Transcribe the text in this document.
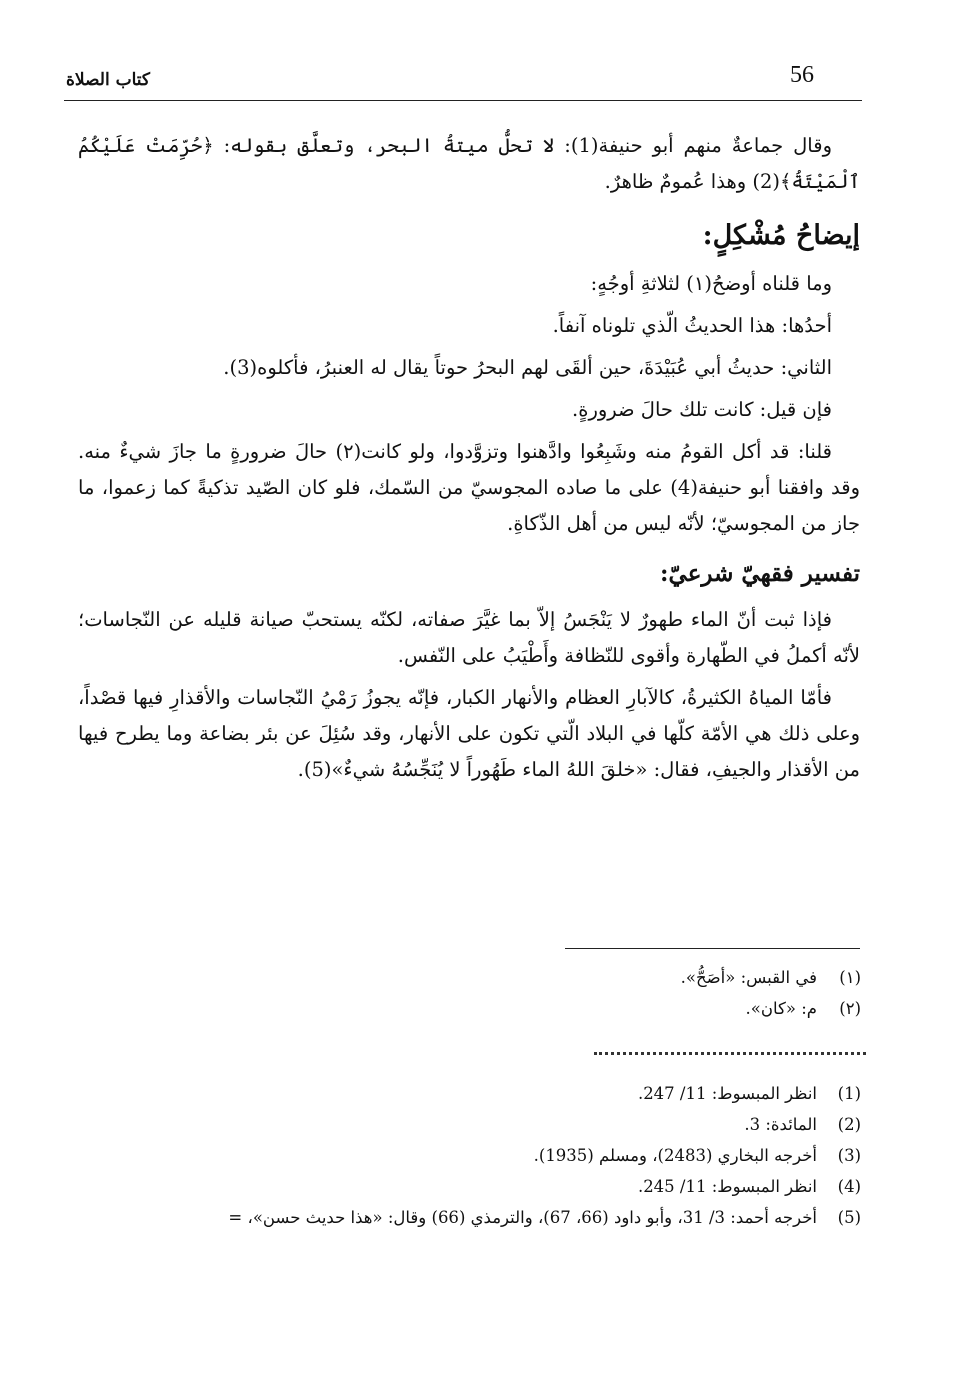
56
كتاب الصلاة

وقال جماعةٌ منهم أبو حنيفة(1): لا تحلُّ ميتةُ البحر، وتعلَّق بقوله: ﴿حُرِّمَتْ عَلَيْكُمُ ٱلْمَيْتَةُ﴾(2) وهذا عُمومٌ ظاهرٌ.

إيضاحُ مُشْكِلٍ:

وما قلناه أوضحُ(١) لثلاثةِ أوجُهٍ:

أحدُها: هذا الحديثُ الّذي تلوناه آنفاً.

الثاني: حديثُ أبي عُبَيْدَةَ، حين ألقَى لهم البحرُ حوتاً يقال له العنبرُ، فأكلوه(3).

فإن قيل: كانت تلك حالَ ضرورةٍ.

قلنا: قد أكل القومُ منه وشَبِعُوا وادَّهنوا وتزوَّدوا، ولو كانت(٢) حالَ ضرورةٍ ما جازَ شيءٌ منه. وقد وافقنا أبو حنيفة(4) على ما صاده المجوسيّ من السّمك، فلو كان الصّيد تذكيةً كما زعموا، ما جاز من المجوسيّ؛ لأنّه ليس من أهل الذّكاةِ.

تفسير فقهيّ شرعيّ:

فإذا ثبت أنّ الماء طهورٌ لا يَنْجَسُ إلاّ بما غيَّرَ صفاته، لكنّه يستحبّ صيانة قليله عن النّجاسات؛ لأنّه أكملُ في الطّهارة وأقوى للنّظافة وأَطْيَبُ على النّفس.

فأمّا المياهُ الكثيرةُ، كالآبارِ العظام والأنهار الكبار، فإنّه يجوزُ رَمْيُ النّجاسات والأقذارِ فيها قصْداً، وعلى ذلك هي الأمّة كلّها في البلاد الّتي تكون على الأنهار، وقد سُئِلَ عن بئر بضاعة وما يطرح فيها من الأقذار والجيفِ، فقال: «خلقَ اللهُ الماء طَهُوراً لا يُنَجِّسُهُ شيءٌ»(5).

(١)
في القبس: «أصَحُّ».
(٢)
م: «كان».
(1)
انظر المبسوط: 11/ 247.
(2)
المائدة: 3.
(3)
أخرجه البخاري (2483)، ومسلم (1935).
(4)
انظر المبسوط: 11/ 245.
(5)
أخرجه أحمد: 3/ 31، وأبو داود (66، 67)، والترمذي (66) وقال: «هذا حديث حسن»، =
